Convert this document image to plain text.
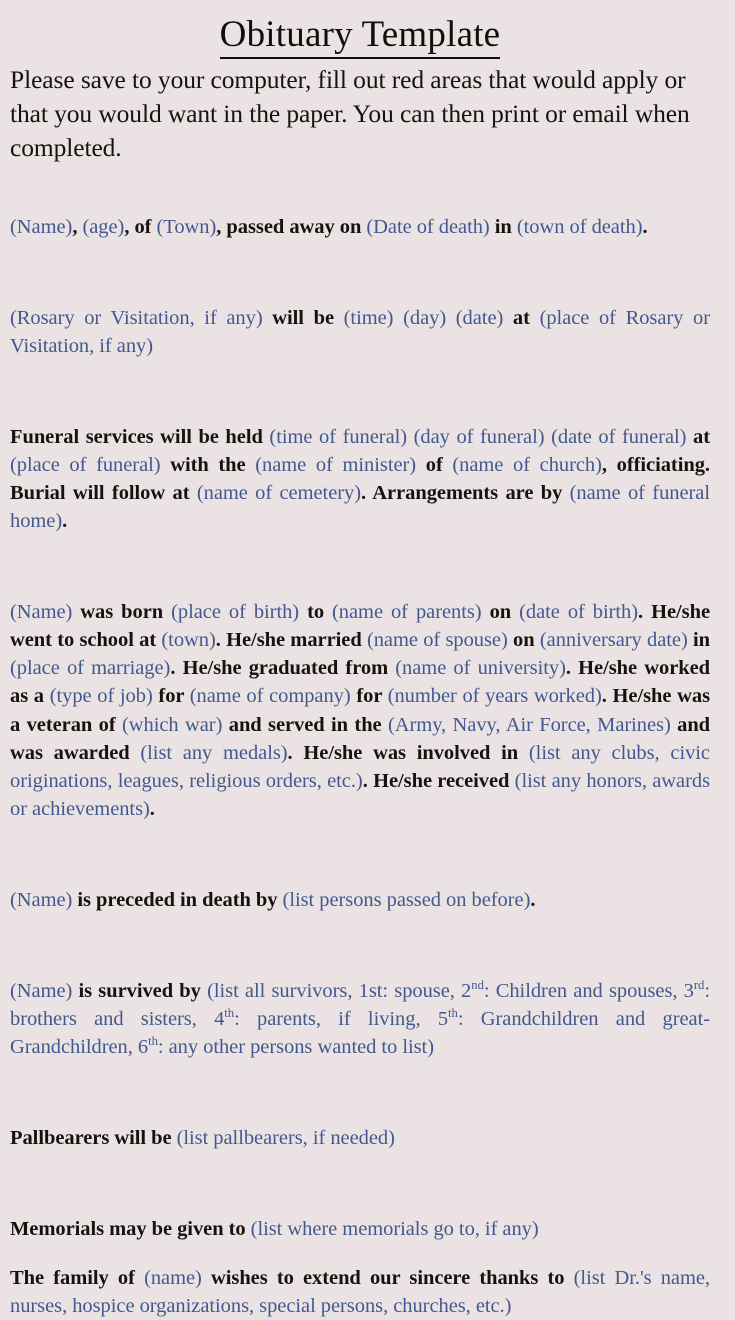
Obituary Template

Please save to your computer, fill out red areas that would apply or that you would want in the paper. You can then print or email when completed.

(Name), (age), of (Town), passed away on (Date of death) in (town of death).

(Rosary or Visitation, if any) will be (time) (day) (date) at (place of Rosary or Visitation, if any)

Funeral services will be held (time of funeral) (day of funeral) (date of funeral) at (place of funeral) with the (name of minister) of (name of church), officiating. Burial will follow at (name of cemetery). Arrangements are by (name of funeral home).

(Name) was born (place of birth) to (name of parents) on (date of birth). He/she went to school at (town). He/she married (name of spouse) on (anniversary date) in (place of marriage). He/she graduated from (name of university). He/she worked as a (type of job) for (name of company) for (number of years worked). He/she was a veteran of (which war) and served in the (Army, Navy, Air Force, Marines) and was awarded (list any medals). He/she was involved in (list any clubs, civic originations, leagues, religious orders, etc.). He/she received (list any honors, awards or achievements).

(Name) is preceded in death by (list persons passed on before).

(Name) is survived by (list all survivors, 1st: spouse, 2nd: Children and spouses, 3rd: brothers and sisters, 4th: parents, if living, 5th: Grandchildren and great-Grandchildren, 6th: any other persons wanted to list)

Pallbearers will be (list pallbearers, if needed)

Memorials may be given to (list where memorials go to, if any)

The family of (name) wishes to extend our sincere thanks to (list Dr.'s name, nurses, hospice organizations, special persons, churches, etc.)
